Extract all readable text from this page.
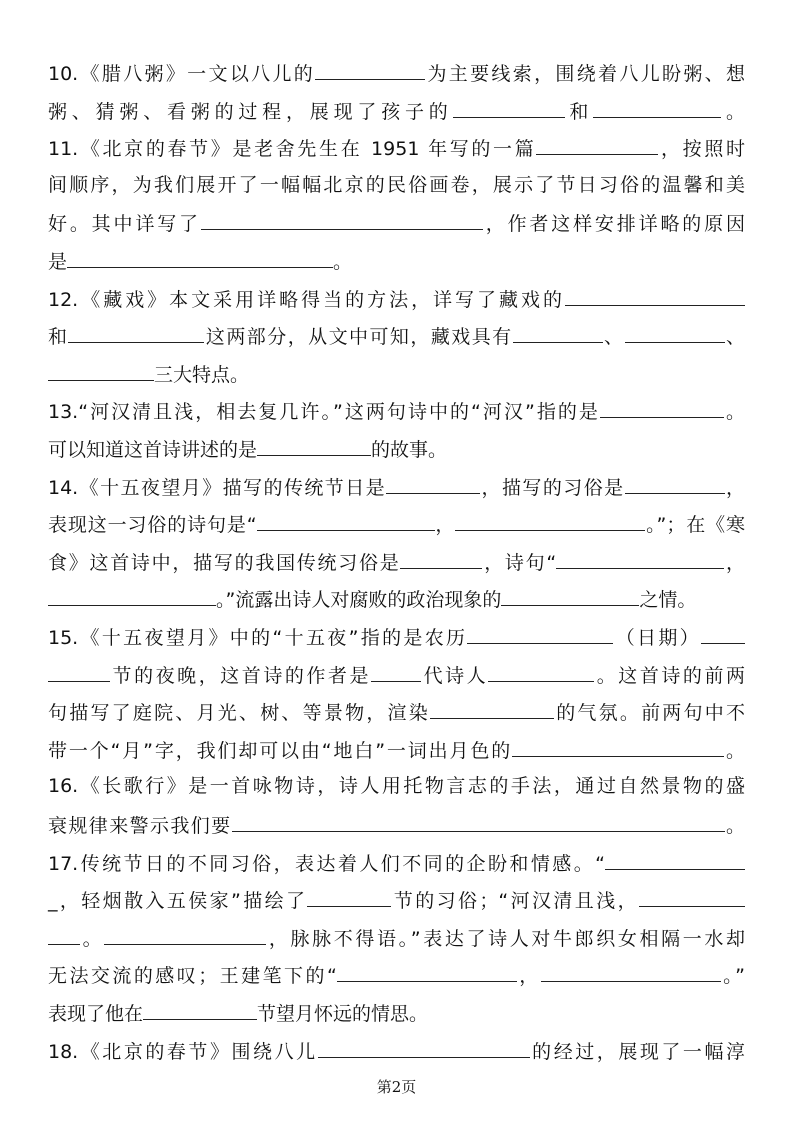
10.《腊八粥》一文以八儿的	为主要线索，围绕着八儿盼粥、想
粥、猜粥、看粥的过程，展现了孩子的	和	。
11.《北京的春节》是老舍先生在 1951 年写的一篇	，按照时
间顺序，为我们展开了一幅幅北京的民俗画卷，展示了节日习俗的温馨和美
好。其中详写了	，作者这样安排详略的原因
是	。
12.《藏戏》本文采用详略得当的方法，详写了藏戏的
和	这两部分，从文中可知，藏戏具有	、	、
三大特点。
13.“河汉清且浅，相去复几许。”这两句诗中的“河汉”指的是	。
可以知道这首诗讲述的是	的故事。
14.《十五夜望月》描写的传统节日是	，描写的习俗是	，
表现这一习俗的诗句是“	，	。”；在《寒
食》这首诗中，描写的我国传统习俗是	，诗句“	，
。”流露出诗人对腐败的政治现象的	之情。
15.《十五夜望月》中的“十五夜”指的是农历	（日期）
节的夜晚，这首诗的作者是	代诗人	。这首诗的前两
句描写了庭院、月光、树、等景物，渲染	的气氛。前两句中不
带一个“月”字，我们却可以由“地白”一词出月色的	。
16.《长歌行》是一首咏物诗，诗人用托物言志的手法，通过自然景物的盛
衰规律来警示我们要	。
17.传统节日的不同习俗，表达着人们不同的企盼和情感。“
_，轻烟散入五侯家”描绘了	节的习俗；“河汉清且浅，
。	，脉脉不得语。”表达了诗人对牛郎织女相隔一水却
无法交流的感叹；王建笔下的“	，	。”
表现了他在	节望月怀远的情思。
18.《北京的春节》围绕八儿	的经过，展现了一幅淳
第2页
